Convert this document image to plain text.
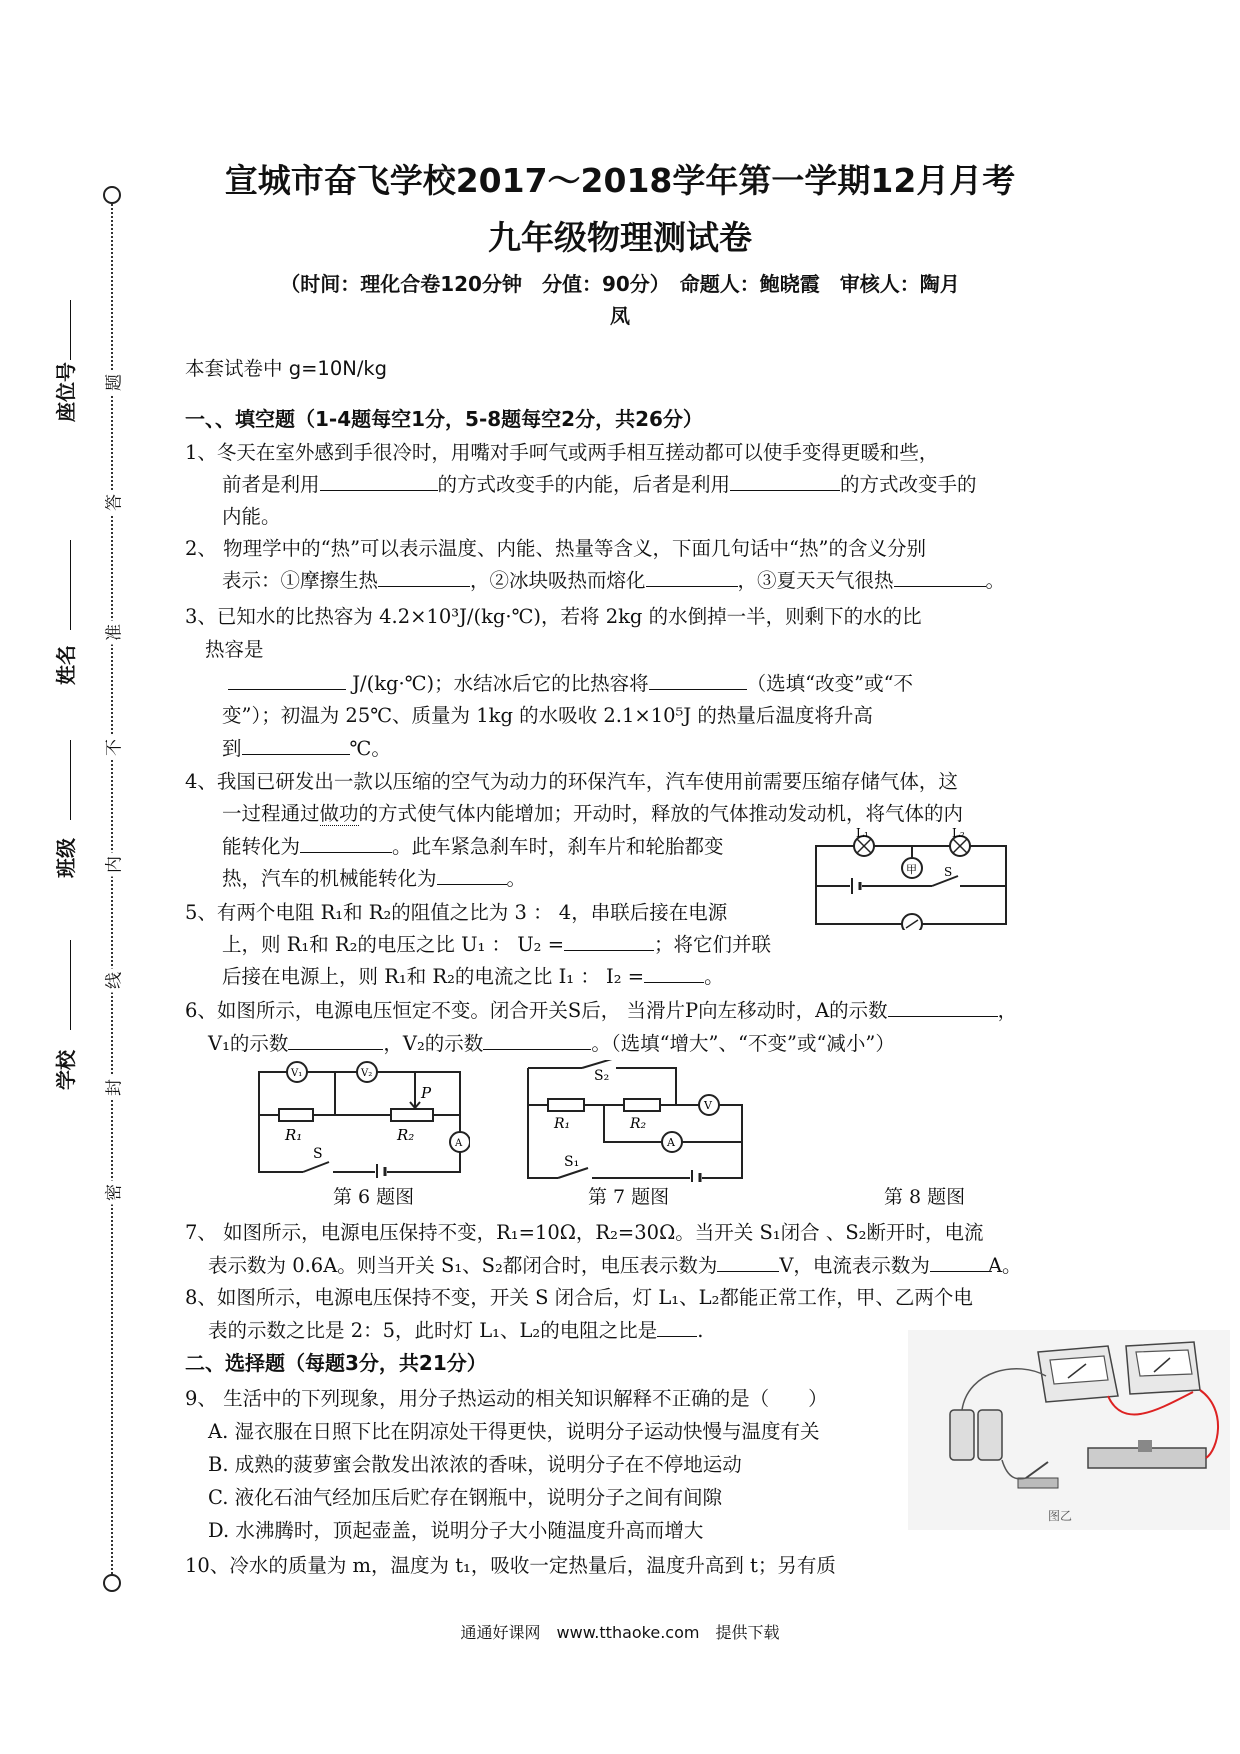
题
答
准
不
内
线
封
密
座位号
姓名
班级
学校
宣城市奋飞学校2017～2018学年第一学期12月月考
九年级物理测试卷
（时间：理化合卷120分钟　分值：90分）　命题人：鲍晓霞　审核人：陶月
凤
本套试卷中 g=10N/kg
一、、填空题（1-4题每空1分，5-8题每空2分，共26分）
1、冬天在室外感到手很冷时，用嘴对手呵气或两手相互搓动都可以使手变得更暖和些，
前者是利用	的方式改变手的内能，后者是利用	的方式改变手的
内能。
2、 物理学中的“热”可以表示温度、内能、热量等含义，下面几句话中“热”的含义分别
表示：①摩擦生热	，②冰块吸热而熔化	，③夏天天气很热	。
3、已知水的比热容为 4.2×10³J/(kg·℃)，若将 2kg 的水倒掉一半，则剩下的水的比
热容是
J/(kg·℃)；水结冰后它的比热容将	（选填“改变”或“不
变”）；初温为 25℃、质量为 1kg 的水吸收 2.1×10⁵J 的热量后温度将升高
到	℃。
4、我国已研发出一款以压缩的空气为动力的环保汽车，汽车使用前需要压缩存储气体，这
一过程通过做功的方式使气体内能增加；开动时，释放的气体推动发动机，将气体的内
能转化为	。此车紧急刹车时，刹车片和轮胎都变
热，汽车的机械能转化为	。
5、有两个电阻 R₁和 R₂的阻值之比为 3 ： 4，串联后接在电源
上，则 R₁和 R₂的电压之比 U₁ ： U₂ =	；将它们并联
后接在电源上，则 R₁和 R₂的电流之比 I₁ ： I₂ =	。
L₁	L₂
甲 S
6、如图所示，电源电压恒定不变。闭合开关S后， 当滑片P向左移动时，A的示数	，
V₁的示数	，V₂的示数	。（选填“增大”、“不变”或“减小”）
V₁	V₂
P
R₁	R₂	A
S
S₂
R₁	R₂
V
A
S₁
第 6 题图	第 7 题图	第 8 题图
7、 如图所示，电源电压保持不变，R₁=10Ω，R₂=30Ω。当开关 S₁闭合 、S₂断开时，电流
表示数为 0.6A。则当开关 S₁、S₂都闭合时，电压表示数为	V，电流表示数为	A。
8、如图所示，电源电压保持不变，开关 S 闭合后，灯 L₁、L₂都能正常工作，甲、乙两个电
表的示数之比是 2：5，此时灯 L₁、L₂的电阻之比是 .
二、选择题（每题3分，共21分）
图乙
9、 生活中的下列现象，用分子热运动的相关知识解释不正确的是（　　）
A. 湿衣服在日照下比在阴凉处干得更快，说明分子运动快慢与温度有关
B. 成熟的菠萝蜜会散发出浓浓的香味，说明分子在不停地运动
C. 液化石油气经加压后贮存在钢瓶中，说明分子之间有间隙
D. 水沸腾时，顶起壶盖，说明分子大小随温度升高而增大
10、冷水的质量为 m，温度为 t₁，吸收一定热量后，温度升高到 t；另有质
通通好课网　www.tthaoke.com　提供下载
